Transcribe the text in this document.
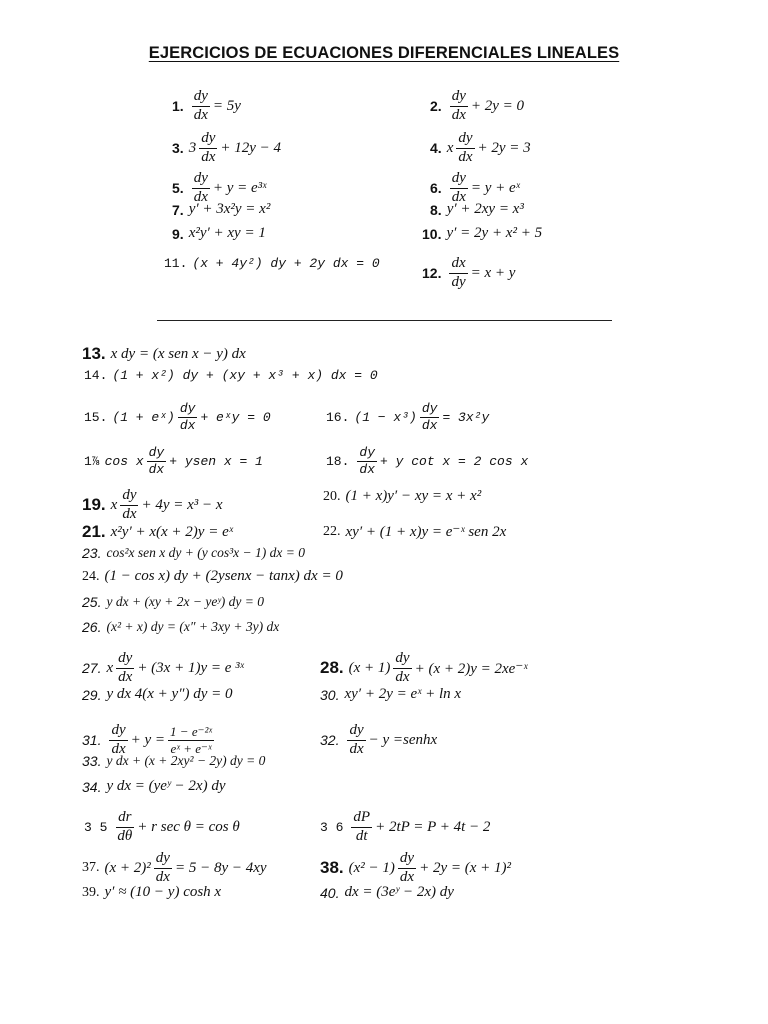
EJERCICIOS DE ECUACIONES DIFERENCIALES LINEALES
1. $\frac{dy}{dx} = 5y$	2. $\frac{dy}{dx} + 2y = 0$
3. $3 \frac{dy}{dx} + 12y - 4$	4. x $\frac{dy}{dx} + 2y = 3$
5. $\frac{dy}{dx} + y$ = e³ˣ	6. $\frac{dy}{dx} = y$ + eˣ
7. y′ + 3x²y = x²	8. y′ + 2xy = x³
9. x²y′ + xy = 1	10. y′ = 2y + x² + 5
11. (x + 4y²) dy + 2y dx = 0
12. $\frac{dx}{dy} = x + y$
13. x dy = (x sen x − y) dx
14. (1 + x²) dy + (xy + x³ + x) dx = 0
15. (1 + eˣ) $\frac{dy}{dx}$ + eˣy = 0	16. $(1 - x^3) \frac{dy}{dx} = 3x^2y$
1⅞ cos x $\frac{dy}{dx}$ + ysen x = 1	18. $\frac{dy}{dx} + y$ cot x = 2 cos x
19. x $\frac{dy}{dx} + 4y = x^3 - x$
20. (1 + x)y′ − xy = x + x²
21. x²y′ + x(x + 2)y = eˣ	22. xy′ + (1 + x)y = e⁻ˣ sen 2x
23. cos²x sen x dy + (y cos³x − 1) dx = 0
24. (1 − cos x) dy + (2ysenx − tanx) dx = 0
25. y dx + (xy + 2x − yeʸ) dy = 0
26. (x² + x) dy = (x″ + 3xy + 3y) dx
27. x $\frac{dy}{dx} + (3x + 1)y = e$ ³ˣ	28. $(x + 1) \frac{dy}{dx} + (x + 2)y$ = 2xe⁻ˣ
29. y dx 4(x + y″) dy = 0	30. xy′ + 2y = eˣ + ln x
31. $\frac{dy}{dx} + y = \frac{\text{1 − e⁻²ˣ}}{\text{eˣ + e⁻ˣ}}$	32. $\frac{dy}{dx} - y$ =senhx
33. y dx + (x + 2xy² − 2y) dy = 0
34. y dx = (yeʸ − 2x) dy
3 $5 \frac{dr}{d\theta} + r$ sec θ = cos θ	3 $6 \frac{dP}{dt} + 2tP = P + 4t - 2$
37. $(x + 2)^2 \frac{dy}{dx} = 5 - 8y - 4xy$	38. $(x^2 - 1) \frac{dy}{dx} + 2y = (x + 1)^2$
39. y′ ≈ (10 − y) cosh x	40. dx = (3eʸ − 2x) dy
